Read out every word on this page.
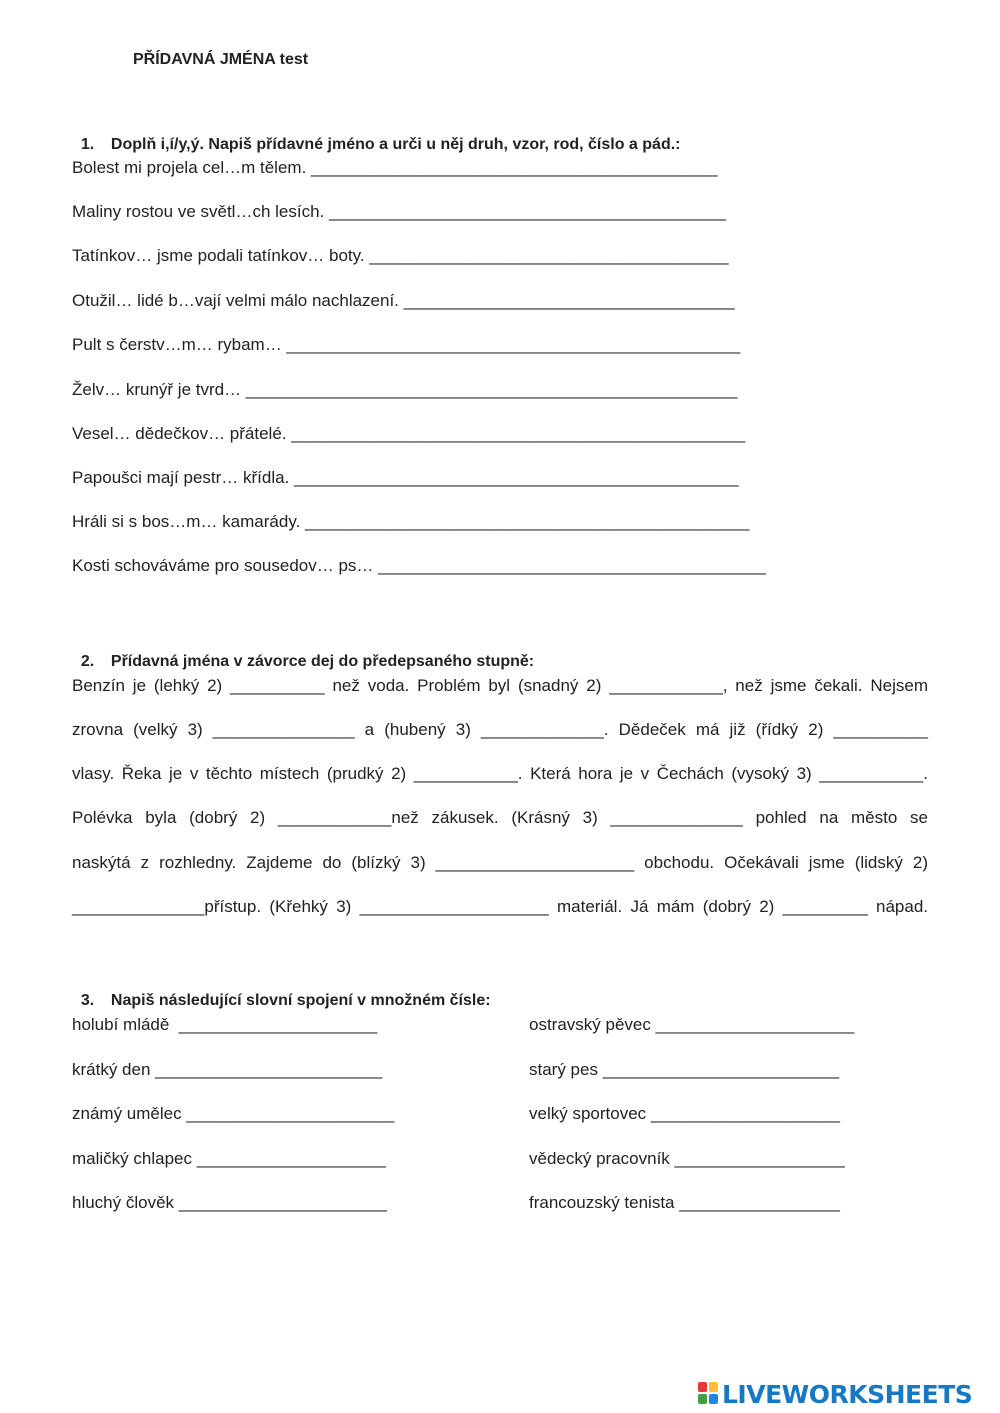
PŘÍDAVNÁ JMÉNA test

1. Doplň i,í/y,ý. Napiš přídavné jméno a urči u něj druh, vzor, rod, číslo a pád.:

Bolest mi projela cel…m tělem. ___________________________________________
Maliny rostou ve světl…ch lesích. __________________________________________
Tatínkov… jsme podali tatínkov… boty. ______________________________________
Otužil… lidé b…vají velmi málo nachlazení. ___________________________________
Pult s čerstv…m… rybam… ________________________________________________
Želv… krunýř je tvrd… ____________________________________________________
Vesel… dědečkov… přátelé. ________________________________________________
Papoušci mají pestr… křídla. _______________________________________________
Hráli si s bos…m… kamarády. _______________________________________________
Kosti schováváme pro sousedov… ps… _________________________________________

2. Přídavná jména v závorce dej do předepsaného stupně:

Benzín je (lehký 2) __________ než voda. Problém byl (snadný 2) ____________, než jsme čekali. Nejsem
zrovna (velký 3) _______________ a (hubený 3) _____________. Dědeček má již (řídký 2) __________
vlasy. Řeka je v těchto místech (prudký 2) ___________. Která hora je v Čechách (vysoký 3) ___________.
Polévka byla (dobrý 2) ____________než zákusek. (Krásný 3) ______________ pohled na město se
naskýtá z rozhledny. Zajdeme do (blízký 3) _____________________ obchodu. Očekávali jsme (lidský 2)
______________přístup. (Křehký 3) ____________________ materiál. Já mám (dobrý 2) _________ nápad.

3. Napiš následující slovní spojení v množném čísle:

holubí mládě  _____________________
krátký den ________________________
známý umělec ______________________
maličký chlapec ____________________
hluchý člověk ______________________
ostravský pěvec _____________________
starý pes _________________________
velký sportovec ____________________
vědecký pracovník __________________
francouzský tenista _________________
LIVEWORKSHEETS
